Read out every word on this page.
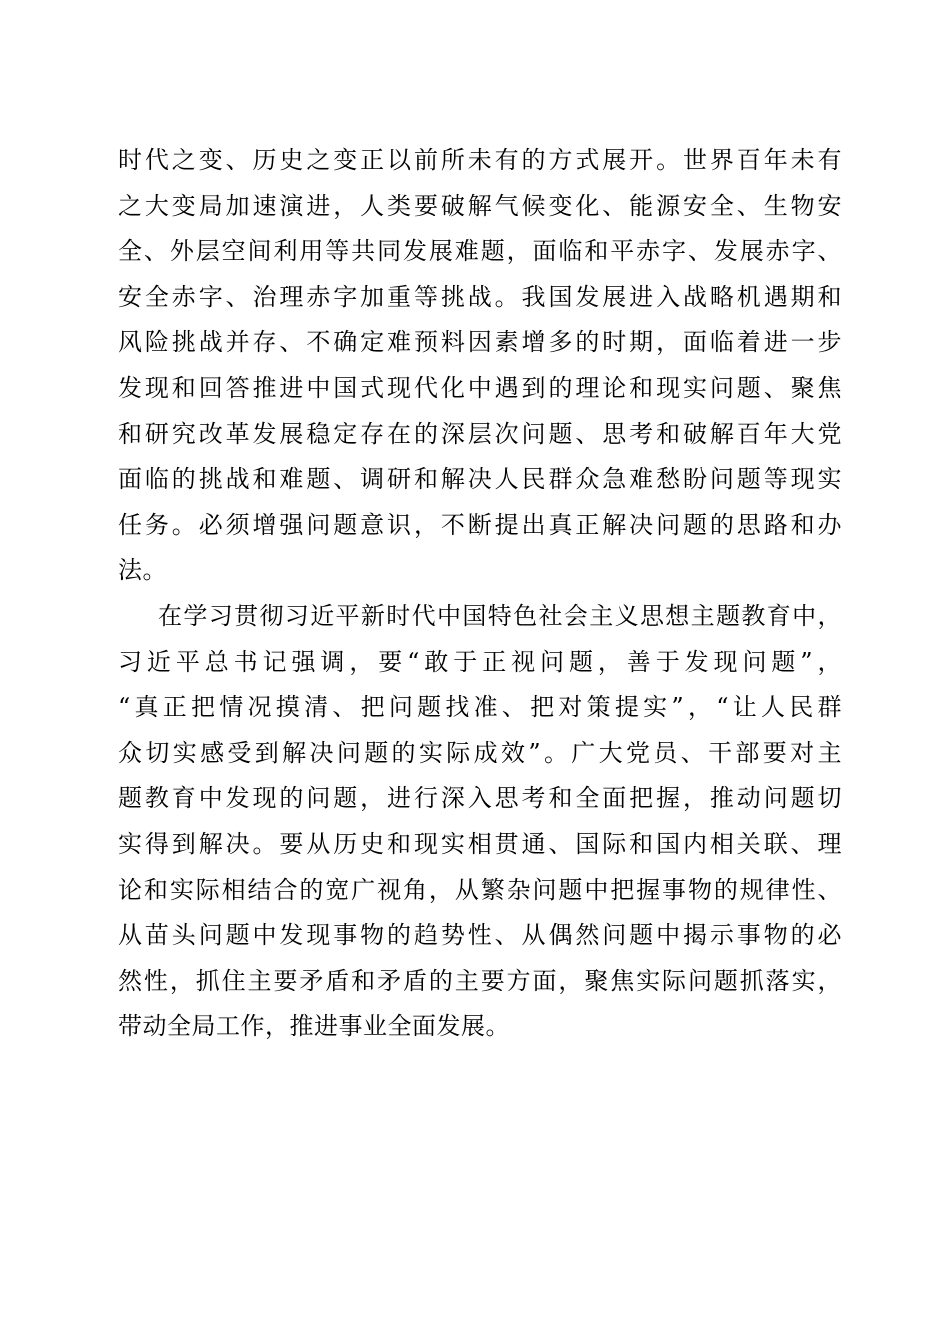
时代之变、历史之变正以前所未有的方式展开。世界百年未有
之大变局加速演进，人类要破解气候变化、能源安全、生物安
全、外层空间利用等共同发展难题，面临和平赤字、发展赤字、
安全赤字、治理赤字加重等挑战。我国发展进入战略机遇期和
风险挑战并存、不确定难预料因素增多的时期，面临着进一步
发现和回答推进中国式现代化中遇到的理论和现实问题、聚焦
和研究改革发展稳定存在的深层次问题、思考和破解百年大党
面临的挑战和难题、调研和解决人民群众急难愁盼问题等现实
任务。必须增强问题意识，不断提出真正解决问题的思路和办
法。
在学习贯彻习近平新时代中国特色社会主义思想主题教育中，
习近平总书记强调，要“敢于正视问题，善于发现问题”，
“真正把情况摸清、把问题找准、把对策提实”，“让人民群
众切实感受到解决问题的实际成效”。广大党员、干部要对主
题教育中发现的问题，进行深入思考和全面把握，推动问题切
实得到解决。要从历史和现实相贯通、国际和国内相关联、理
论和实际相结合的宽广视角，从繁杂问题中把握事物的规律性、
从苗头问题中发现事物的趋势性、从偶然问题中揭示事物的必
然性，抓住主要矛盾和矛盾的主要方面，聚焦实际问题抓落实，
带动全局工作，推进事业全面发展。
